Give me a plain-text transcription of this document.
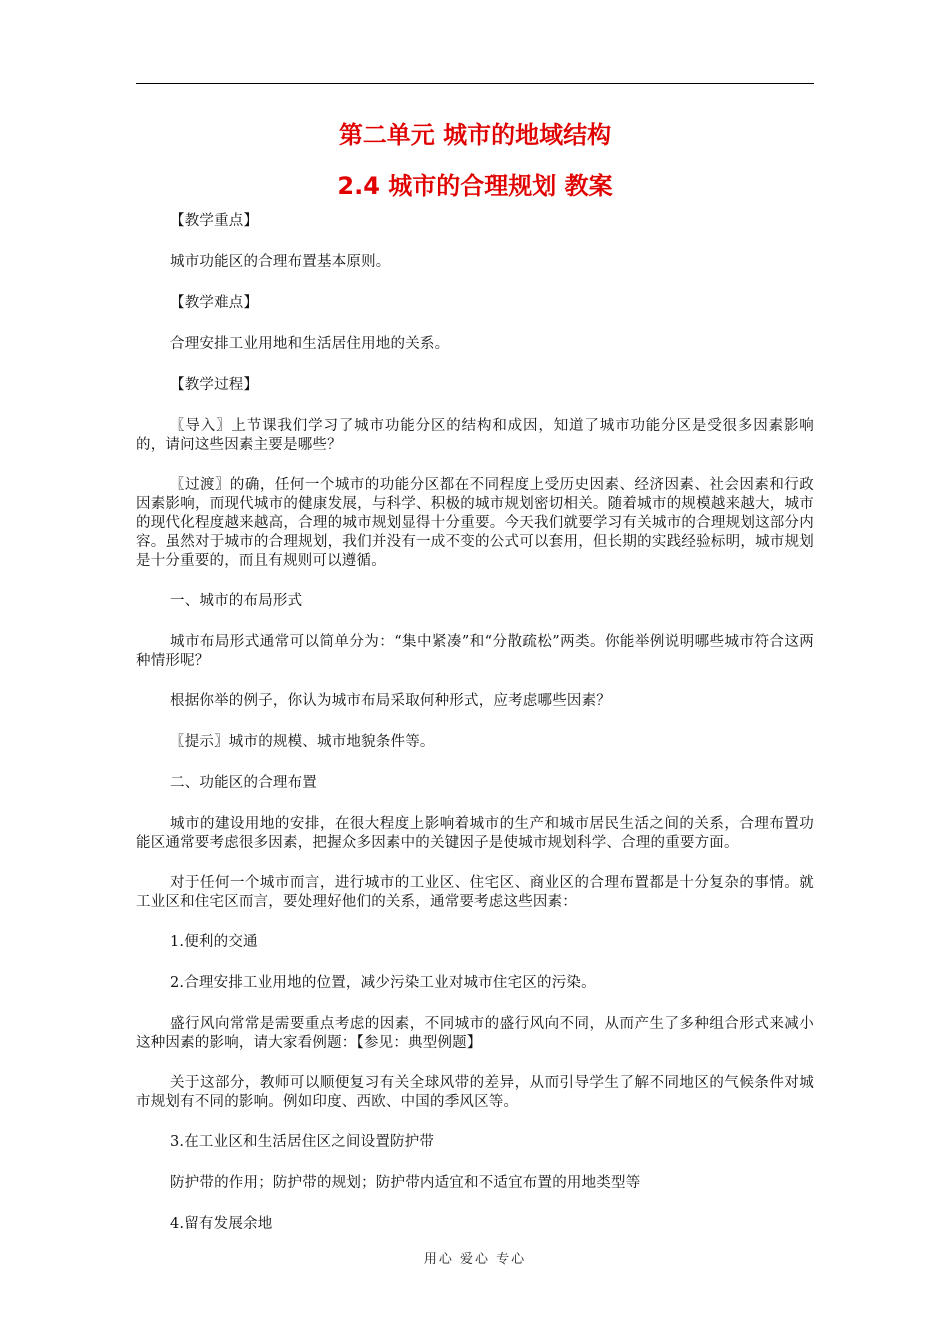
第二单元 城市的地域结构
2.4 城市的合理规划 教案

【教学重点】

城市功能区的合理布置基本原则。

【教学难点】

合理安排工业用地和生活居住用地的关系。

【教学过程】

〖导入〗上节课我们学习了城市功能分区的结构和成因，知道了城市功能分区是受很多因素影响的，请问这些因素主要是哪些？

〖过渡〗的确，任何一个城市的功能分区都在不同程度上受历史因素、经济因素、社会因素和行政因素影响，而现代城市的健康发展，与科学、积极的城市规划密切相关。随着城市的规模越来越大，城市的现代化程度越来越高，合理的城市规划显得十分重要。今天我们就要学习有关城市的合理规划这部分内容。虽然对于城市的合理规划，我们并没有一成不变的公式可以套用，但长期的实践经验标明，城市规划是十分重要的，而且有规则可以遵循。

一、城市的布局形式

城市布局形式通常可以简单分为：“集中紧凑”和“分散疏松”两类。你能举例说明哪些城市符合这两种情形呢？

根据你举的例子，你认为城市布局采取何种形式，应考虑哪些因素？

〖提示〗城市的规模、城市地貌条件等。

二、功能区的合理布置

城市的建设用地的安排，在很大程度上影响着城市的生产和城市居民生活之间的关系，合理布置功能区通常要考虑很多因素，把握众多因素中的关键因子是使城市规划科学、合理的重要方面。

对于任何一个城市而言，进行城市的工业区、住宅区、商业区的合理布置都是十分复杂的事情。就工业区和住宅区而言，要处理好他们的关系，通常要考虑这些因素：

1.便利的交通

2.合理安排工业用地的位置，减少污染工业对城市住宅区的污染。

盛行风向常常是需要重点考虑的因素，不同城市的盛行风向不同，从而产生了多种组合形式来减小这种因素的影响，请大家看例题：【参见：典型例题】

关于这部分，教师可以顺便复习有关全球风带的差异，从而引导学生了解不同地区的气候条件对城市规划有不同的影响。例如印度、西欧、中国的季风区等。

3.在工业区和生活居住区之间设置防护带

防护带的作用；防护带的规划；防护带内适宜和不适宜布置的用地类型等

4.留有发展余地

用心 爱心 专心
